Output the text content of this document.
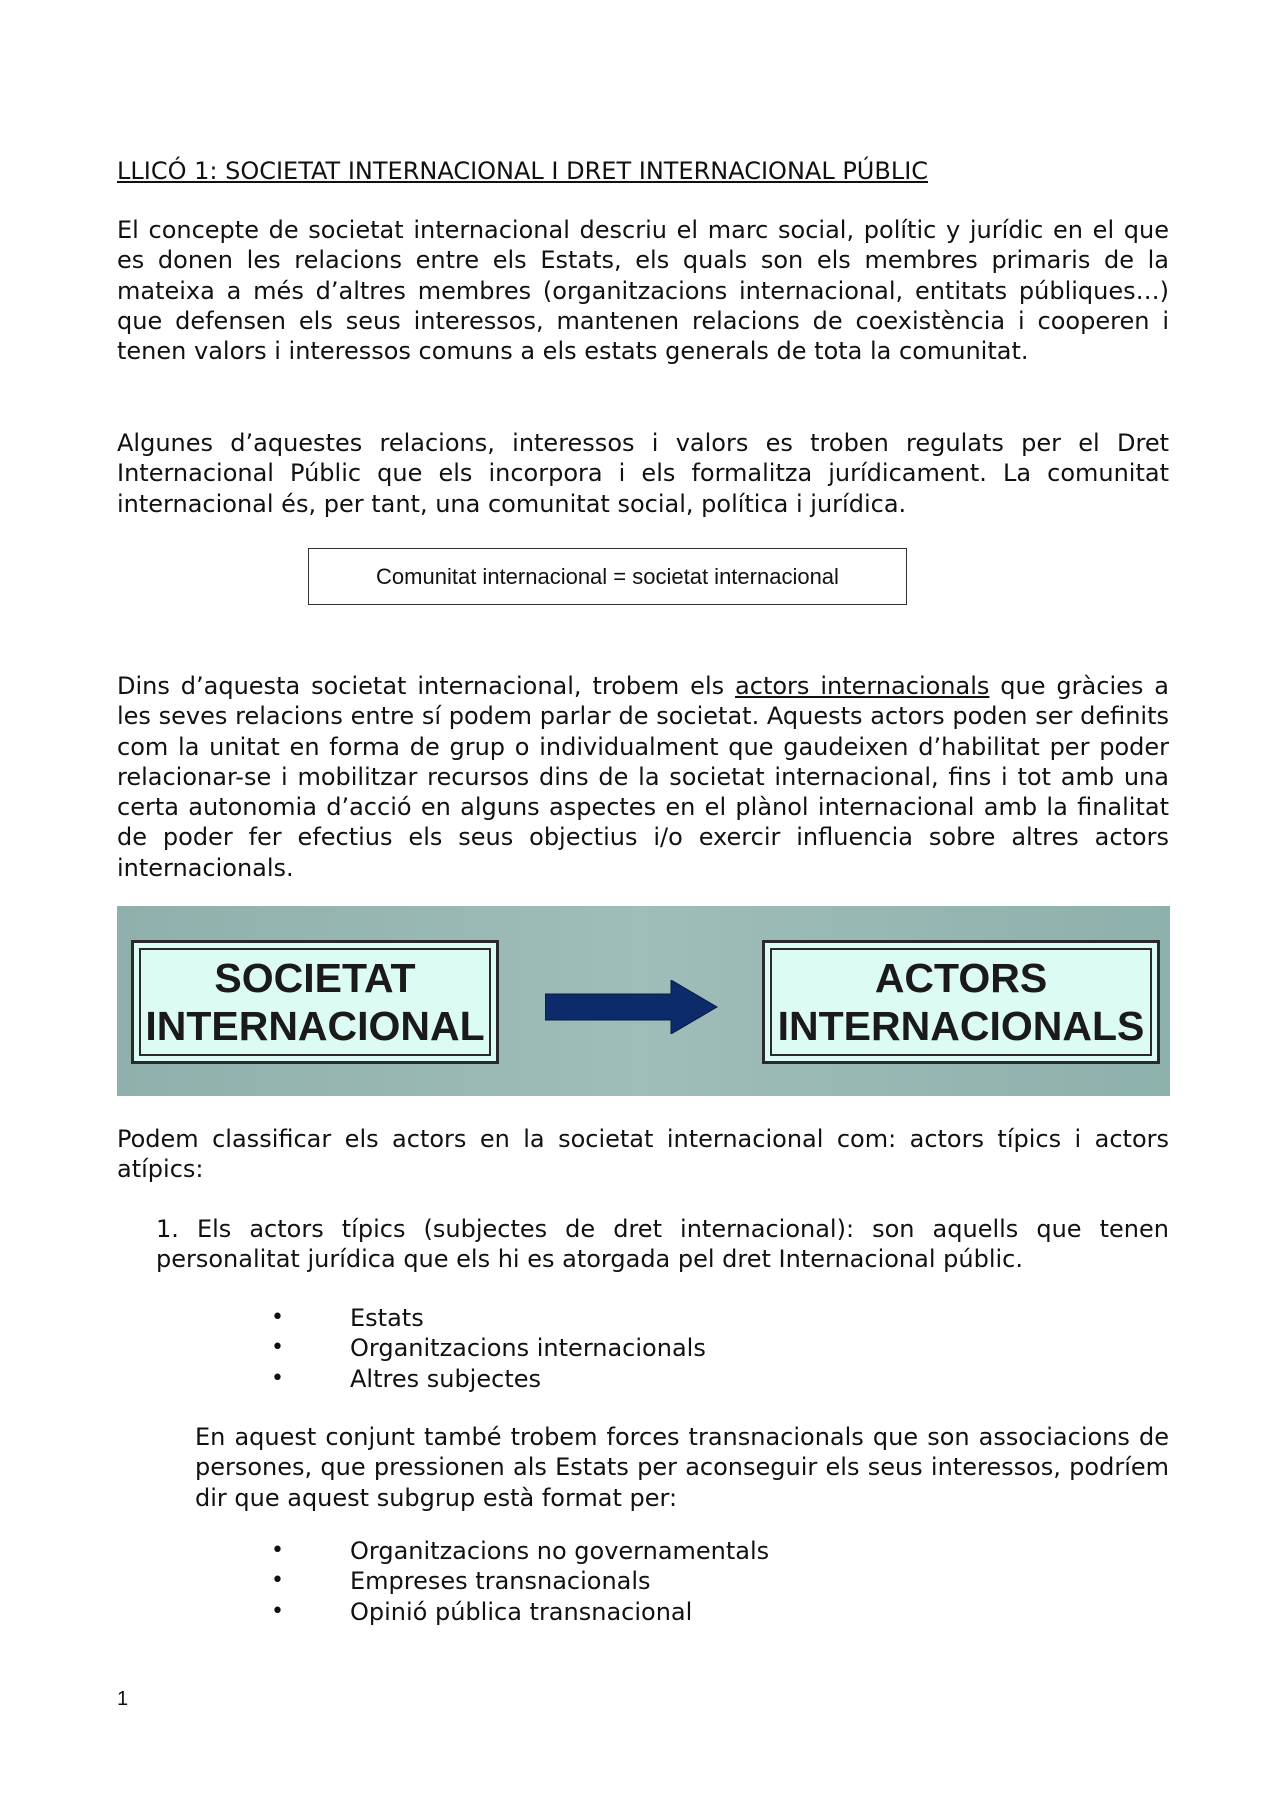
LLICÓ 1: SOCIETAT INTERNACIONAL I DRET INTERNACIONAL PÚBLIC

El concepte de societat internacional descriu el marc social, polític y jurídic en el que es donen les relacions entre els Estats, els quals son els membres primaris de la mateixa a més d’altres membres (organitzacions internacional, entitats públiques…) que defensen els seus interessos, mantenen relacions de coexistència i cooperen i tenen valors i interessos comuns a els estats generals de tota la comunitat.

Algunes d’aquestes relacions, interessos i valors es troben regulats per el Dret Internacional Públic que els incorpora i els formalitza jurídicament. La comunitat internacional és, per tant, una comunitat social, política i jurídica.

Comunitat internacional = societat internacional

Dins d’aquesta societat internacional, trobem els actors internacionals que gràcies a les seves relacions entre sí podem parlar de societat. Aquests actors poden ser definits com la unitat en forma de grup o individualment que gaudeixen d’habilitat per poder relacionar-se i mobilitzar recursos dins de la societat internacional, fins i tot amb una certa autonomia d’acció en alguns aspectes en el plànol internacional amb la finalitat de poder fer efectius els seus objectius i/o exercir influencia sobre altres actors internacionals.

SOCIETAT
INTERNACIONAL
ACTORS
INTERNACIONALS

Podem classificar els actors en la societat internacional com: actors típics i actors atípics:

1. Els actors típics (subjectes de dret internacional): son aquells que tenen personalitat jurídica que els hi es atorgada pel dret Internacional públic.

•	Estats
•	Organitzacions internacionals
•	Altres subjectes

En aquest conjunt també trobem forces transnacionals que son associacions de persones, que pressionen als Estats per aconseguir els seus interessos, podríem dir que aquest subgrup està format per:

•	Organitzacions no governamentals
•	Empreses transnacionals
•	Opinió pública transnacional
1
